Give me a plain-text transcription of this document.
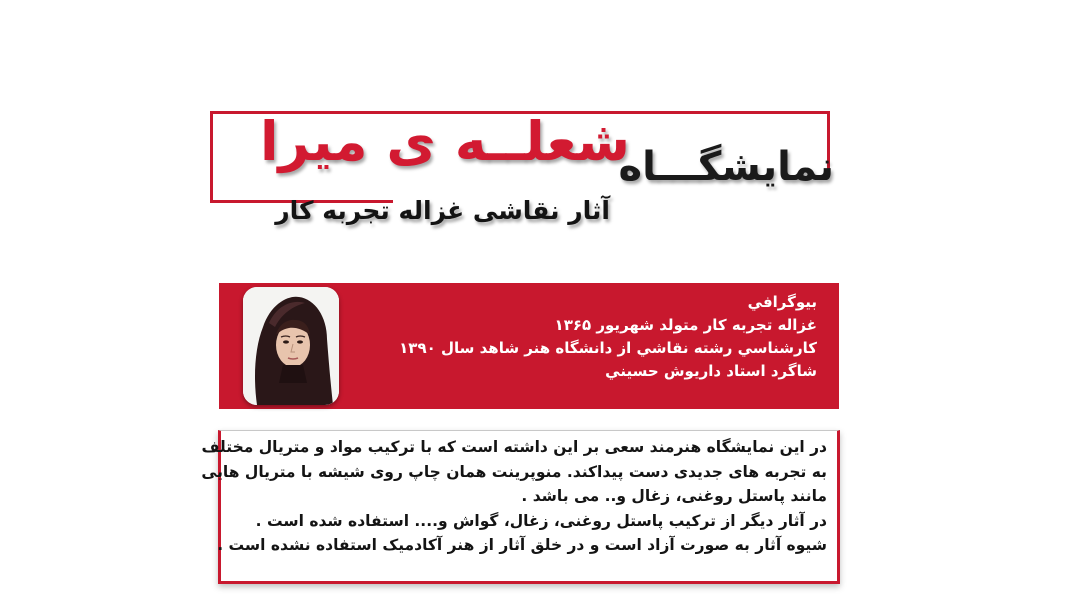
نمایشگـــاه
شعلــه ی میرا
آثار نقاشی غزاله تجربه کار
بيوگرافي
غزاله تجربه كار متولد شهريور ۱۳۶۵
كارشناسي رشته نقاشي از دانشگاه هنر شاهد سال ۱۳۹۰
شاگرد استاد داريوش حسيني
در این نمایشگاه هنرمند سعی بر این داشته است که با ترکیب مواد و متریال مختلف
به تجربه های جدیدی دست پیداکند. منوپرینت همان چاپ روی شیشه با متریال هایی
مانند پاستل روغنی، زغال و.. می باشد .
در آثار دیگر از ترکیب پاستل روغنی، زغال، گواش و.... استفاده شده است .
شیوه آثار به صورت آزاد است و در خلق آثار از هنر آکادمیک استفاده نشده است .
